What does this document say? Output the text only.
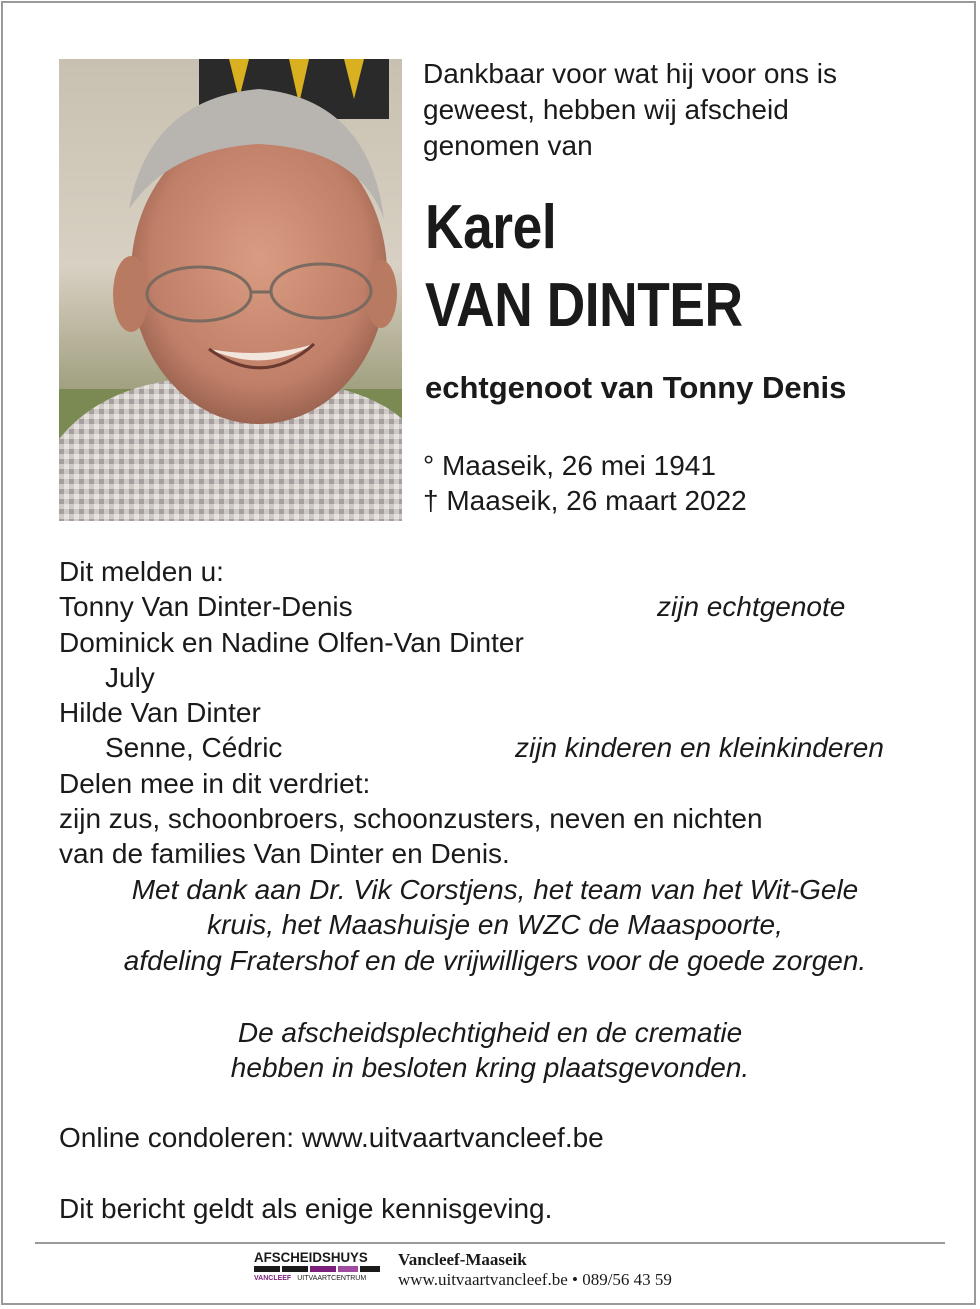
Dankbaar voor wat hij voor ons is
geweest, hebben wij afscheid
genomen van
Karel
VAN DINTER
echtgenoot van Tonny Denis
° Maaseik, 26 mei 1941
† Maaseik, 26 maart 2022
Dit melden u:
Tonny Van Dinter-Denis	zijn echtgenote
Dominick en Nadine Olfen-Van Dinter
July
Hilde Van Dinter
Senne, Cédric	zijn kinderen en kleinkinderen
Delen mee in dit verdriet:
zijn zus, schoonbroers, schoonzusters, neven en nichten
van de families Van Dinter en Denis.
Met dank aan Dr. Vik Corstjens, het team van het Wit-Gele
kruis, het Maashuisje en WZC de Maaspoorte,
afdeling Fratershof en de vrijwilligers voor de goede zorgen.
De afscheidsplechtigheid en de crematie
hebben in besloten kring plaatsgevonden.
Online condoleren: www.uitvaartvancleef.be
Dit bericht geldt als enige kennisgeving.
AFSCHEIDSHUYS
VANCLEEF UITVAARTCENTRUM
Vancleef-Maaseik
www.uitvaartvancleef.be • 089/56 43 59
